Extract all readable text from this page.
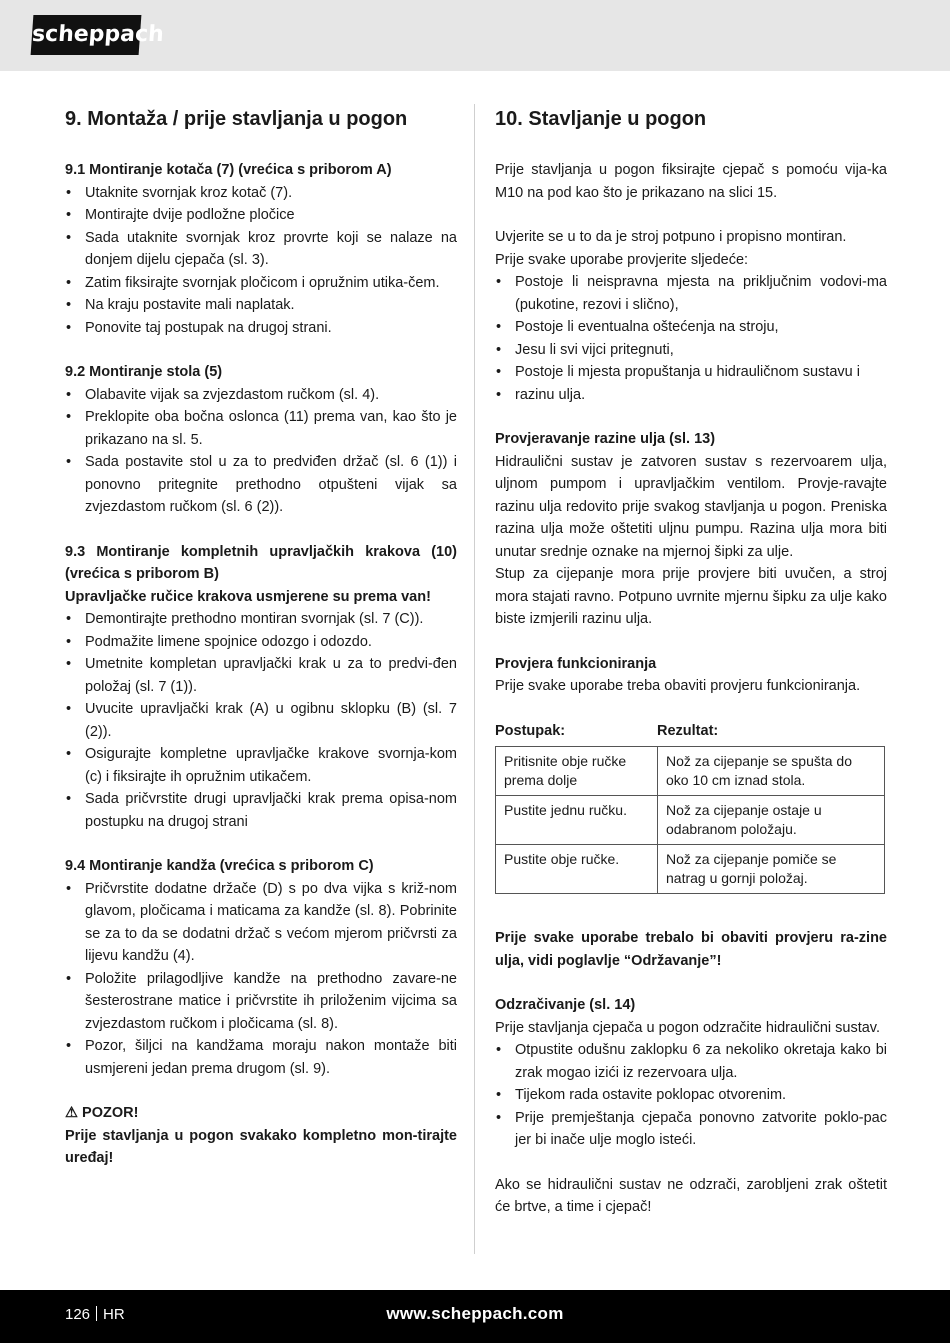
scheppach
9. Montaža / prije stavljanja u pogon
9.1 Montiranje kotača (7) (vrećica s priborom A)
• Utaknite svornjak kroz kotač (7).
• Montirajte dvije podložne pločice
• Sada utaknite svornjak kroz provrte koji se nalaze na donjem dijelu cjepača (sl. 3).
• Zatim fiksirajte svornjak pločicom i opružnim utika-čem.
• Na kraju postavite mali naplatak.
• Ponovite taj postupak na drugoj strani.
9.2 Montiranje stola (5)
• Olabavite vijak sa zvjezdastom ručkom (sl. 4).
• Preklopite oba bočna oslonca (11) prema van, kao što je prikazano na sl. 5.
• Sada postavite stol u za to predviđen držač (sl. 6 (1)) i ponovno pritegnite prethodno otpušteni vijak sa zvjezdastom ručkom (sl. 6 (2)).

9.3 Montiranje kompletnih upravljačkih krakova (10) (vrećica s priborom B)

Upravljačke ručice krakova usmjerene su prema van!

• Demontirajte prethodno montiran svornjak (sl. 7 (C)).
• Podmažite limene spojnice odozgo i odozdo.
• Umetnite kompletan upravljački krak u za to predvi-đen položaj (sl. 7 (1)).
• Uvucite upravljački krak (A) u ogibnu sklopku (B) (sl. 7 (2)).
• Osigurajte kompletne upravljačke krakove svornja-kom (c) i fiksirajte ih opružnim utikačem.
• Sada pričvrstite drugi upravljački krak prema opisa-nom postupku na drugoj strani
9.4 Montiranje kandža (vrećica s priborom C)
• Pričvrstite dodatne držače (D) s po dva vijka s križ-nom glavom, pločicama i maticama za kandže (sl. 8). Pobrinite se za to da se dodatni držač s većom mjerom pričvrsti za lijevu kandžu (4).
• Položite prilagodljive kandže na prethodno zavare-ne šesterostrane matice i pričvrstite ih priloženim vijcima sa zvjezdastom ručkom i pločicama (sl. 8).
• Pozor, šiljci na kandžama moraju nakon montaže biti usmjereni jedan prema drugom (sl. 9).
⚠ POZOR!

Prije stavljanja u pogon svakako kompletno mon-tirajte uređaj!

10. Stavljanje u pogon

Prije stavljanja u pogon fiksirajte cjepač s pomoću vija-ka M10 na pod kao što je prikazano na slici 15.

Uvjerite se u to da je stroj potpuno i propisno montiran.

Prije svake uporabe provjerite sljedeće:

• Postoje li neispravna mjesta na priključnim vodovi-ma (pukotine, rezovi i slično),
• Postoje li eventualna oštećenja na stroju,
• Jesu li svi vijci pritegnuti,
• Postoje li mjesta propuštanja u hidrauličnom sustavu i
• razinu ulja.
Provjeravanje razine ulja (sl. 13)

Hidraulični sustav je zatvoren sustav s rezervoarem ulja, uljnom pumpom i upravljačkim ventilom. Provje-ravajte razinu ulja redovito prije svakog stavljanja u pogon. Preniska razina ulja može oštetiti uljnu pumpu. Razina ulja mora biti unutar srednje oznake na mjernoj šipki za ulje.

Stup za cijepanje mora prije provjere biti uvučen, a stroj mora stajati ravno. Potpuno uvrnite mjernu šipku za ulje kako biste izmjerili razinu ulja.

Provjera funkcioniranja

Prije svake uporabe treba obaviti provjeru funkcioniranja.

Postupak:	Rezultat:
Pritisnite obje ručke prema dolje	Nož za cijepanje se spušta do oko 10 cm iznad stola.
Pustite jednu ručku.	Nož za cijepanje ostaje u odabranom položaju.
Pustite obje ručke.	Nož za cijepanje pomiče se natrag u gornji položaj.

Prije svake uporabe trebalo bi obaviti provjeru ra-zine ulja, vidi poglavlje “Održavanje”!

Odzračivanje (sl. 14)

Prije stavljanja cjepača u pogon odzračite hidraulični sustav.

• Otpustite odušnu zaklopku 6 za nekoliko okretaja kako bi zrak mogao izići iz rezervoara ulja.
• Tijekom rada ostavite poklopac otvorenim.
• Prije premještanja cjepača ponovno zatvorite poklo-pac jer bi inače ulje moglo isteći.

Ako se hidraulični sustav ne odzrači, zarobljeni zrak oštetit će brtve, a time i cjepač!

126 HR	www.scheppach.com
